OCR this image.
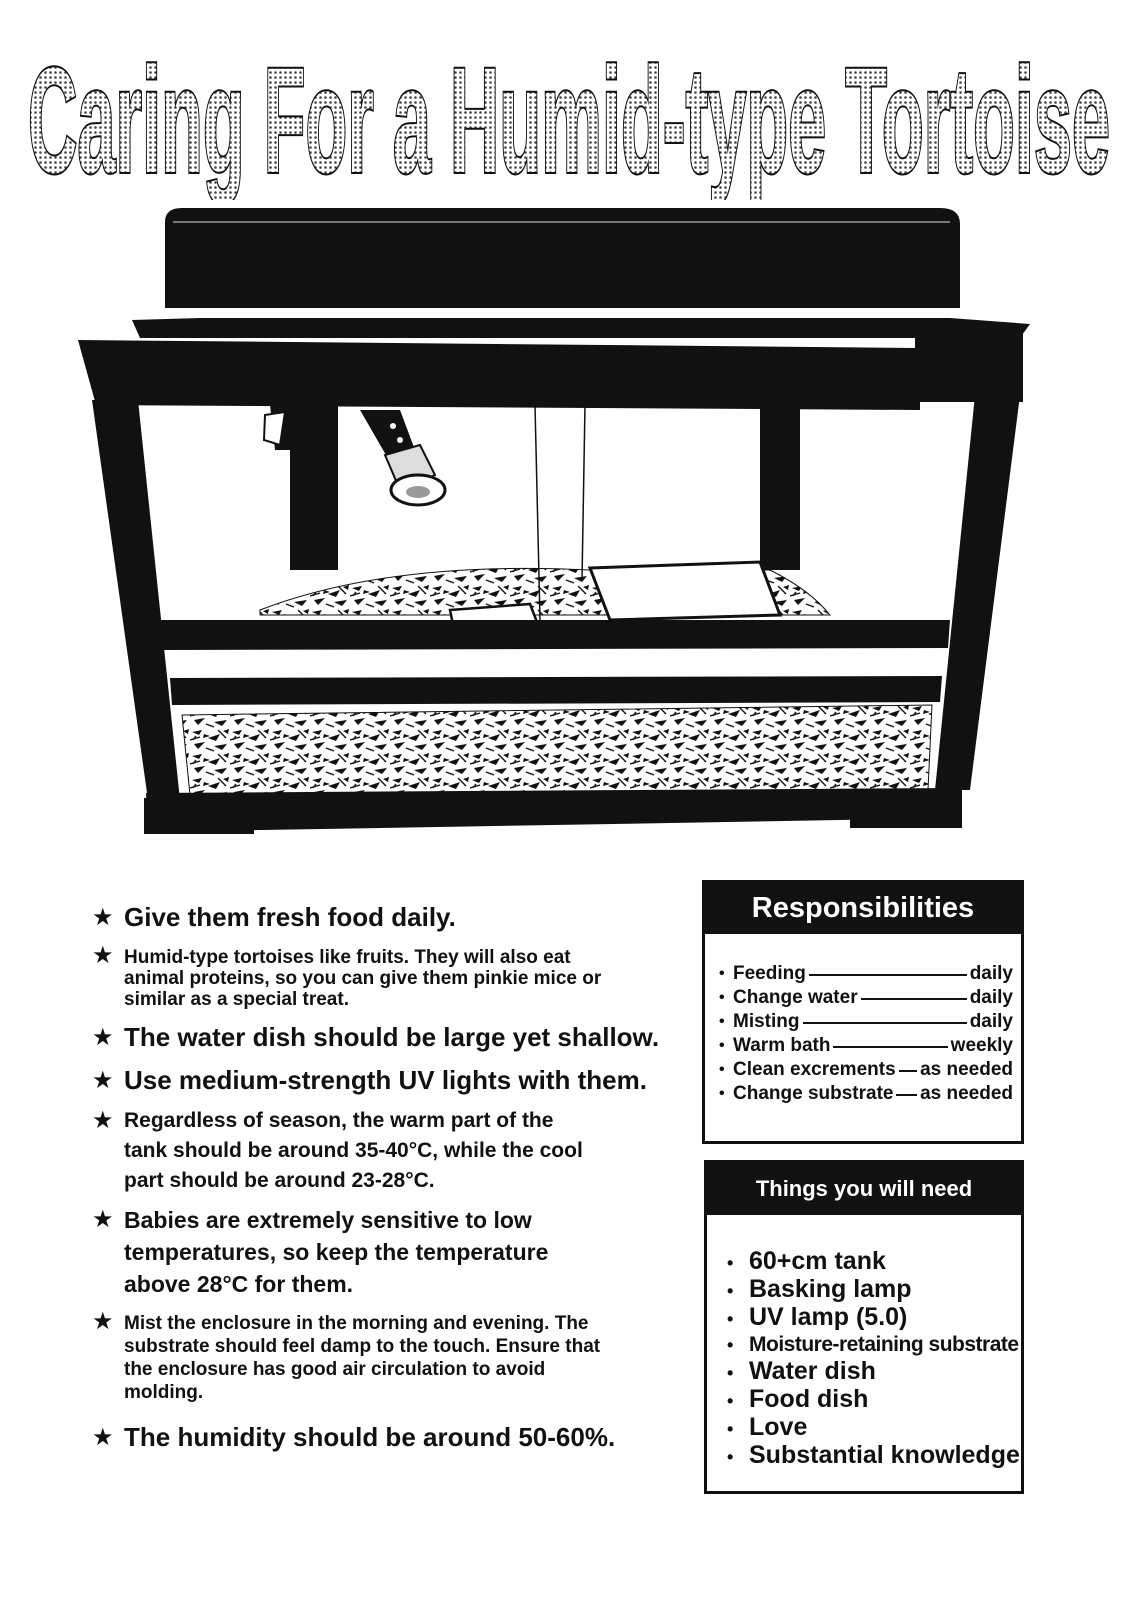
Caring For a Humid-type Tortoise
★ Give them fresh food daily.
★ Humid-type tortoises like fruits. They will also eat animal proteins, so you can give them pinkie mice or similar as a special treat.
★ The water dish should be large yet shallow.
★ Use medium-strength UV lights with them.
★ Regardless of season, the warm part of the tank should be around 35-40°C, while the cool part should be around 23-28°C.
★ Babies are extremely sensitive to low temperatures, so keep the temperature above 28°C for them.
★ Mist the enclosure in the morning and evening. The substrate should feel damp to the touch. Ensure that the enclosure has good air circulation to avoid molding.
★ The humidity should be around 50-60%.
Responsibilities
• Feeding	daily
• Change water	daily
• Misting	daily
• Warm bath	weekly
• Clean excrements as needed
• Change substrate as needed
Things you will need
• 60+cm tank
• Basking lamp
• UV lamp (5.0)
• Moisture-retaining substrate
• Water dish
• Food dish
• Love
• Substantial knowledge
